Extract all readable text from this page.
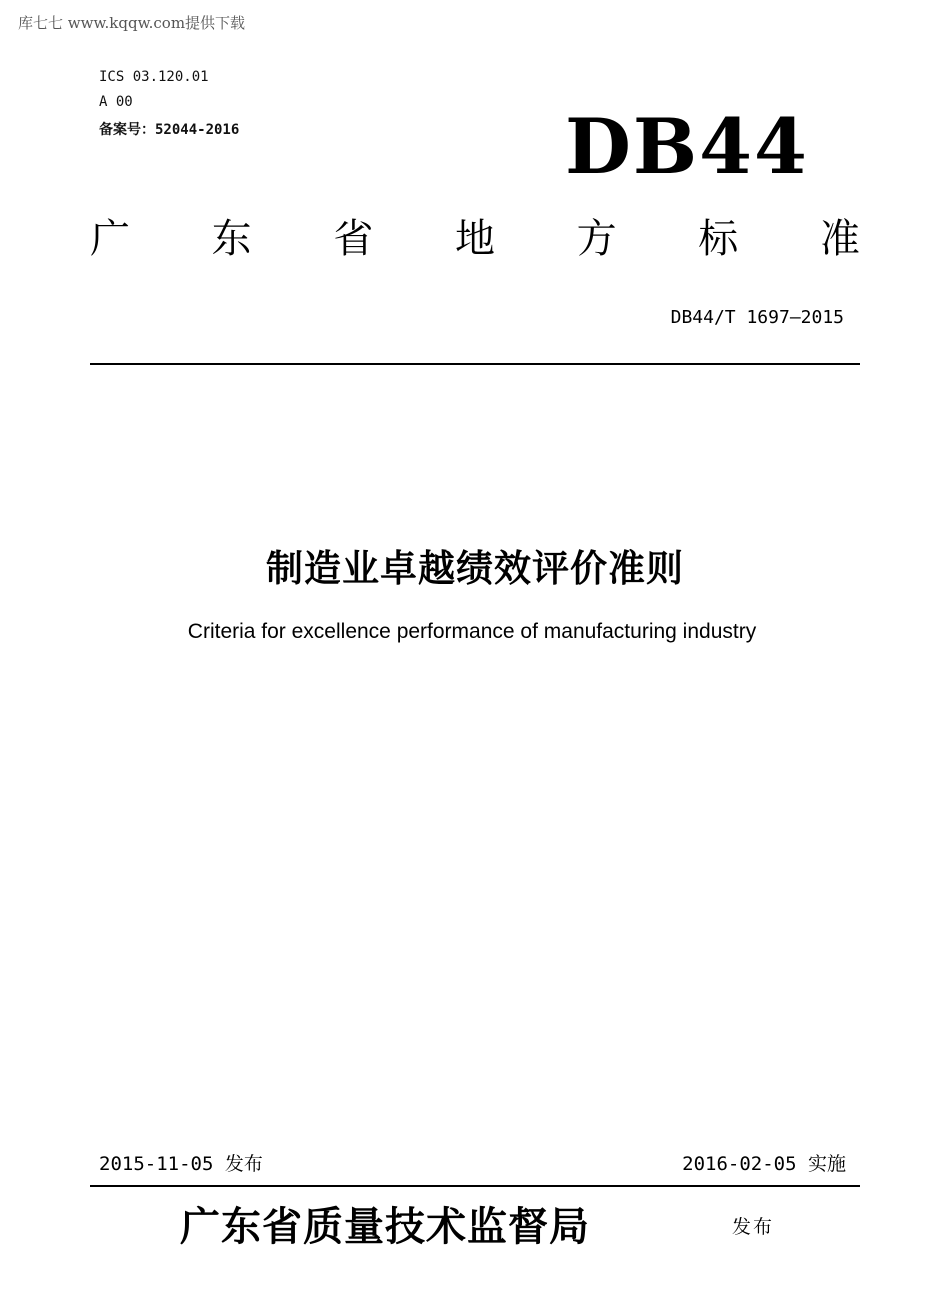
库七七 www.kqqw.com提供下载
ICS 03.120.01
A 00
备案号：52044-2016	DB44
广 东 省 地 方 标 准
DB44/T 1697—2015
制造业卓越绩效评价准则
Criteria for excellence performance of manufacturing industry
2015-11-05 发布	2016-02-05 实施
广东省质量技术监督局	发布
